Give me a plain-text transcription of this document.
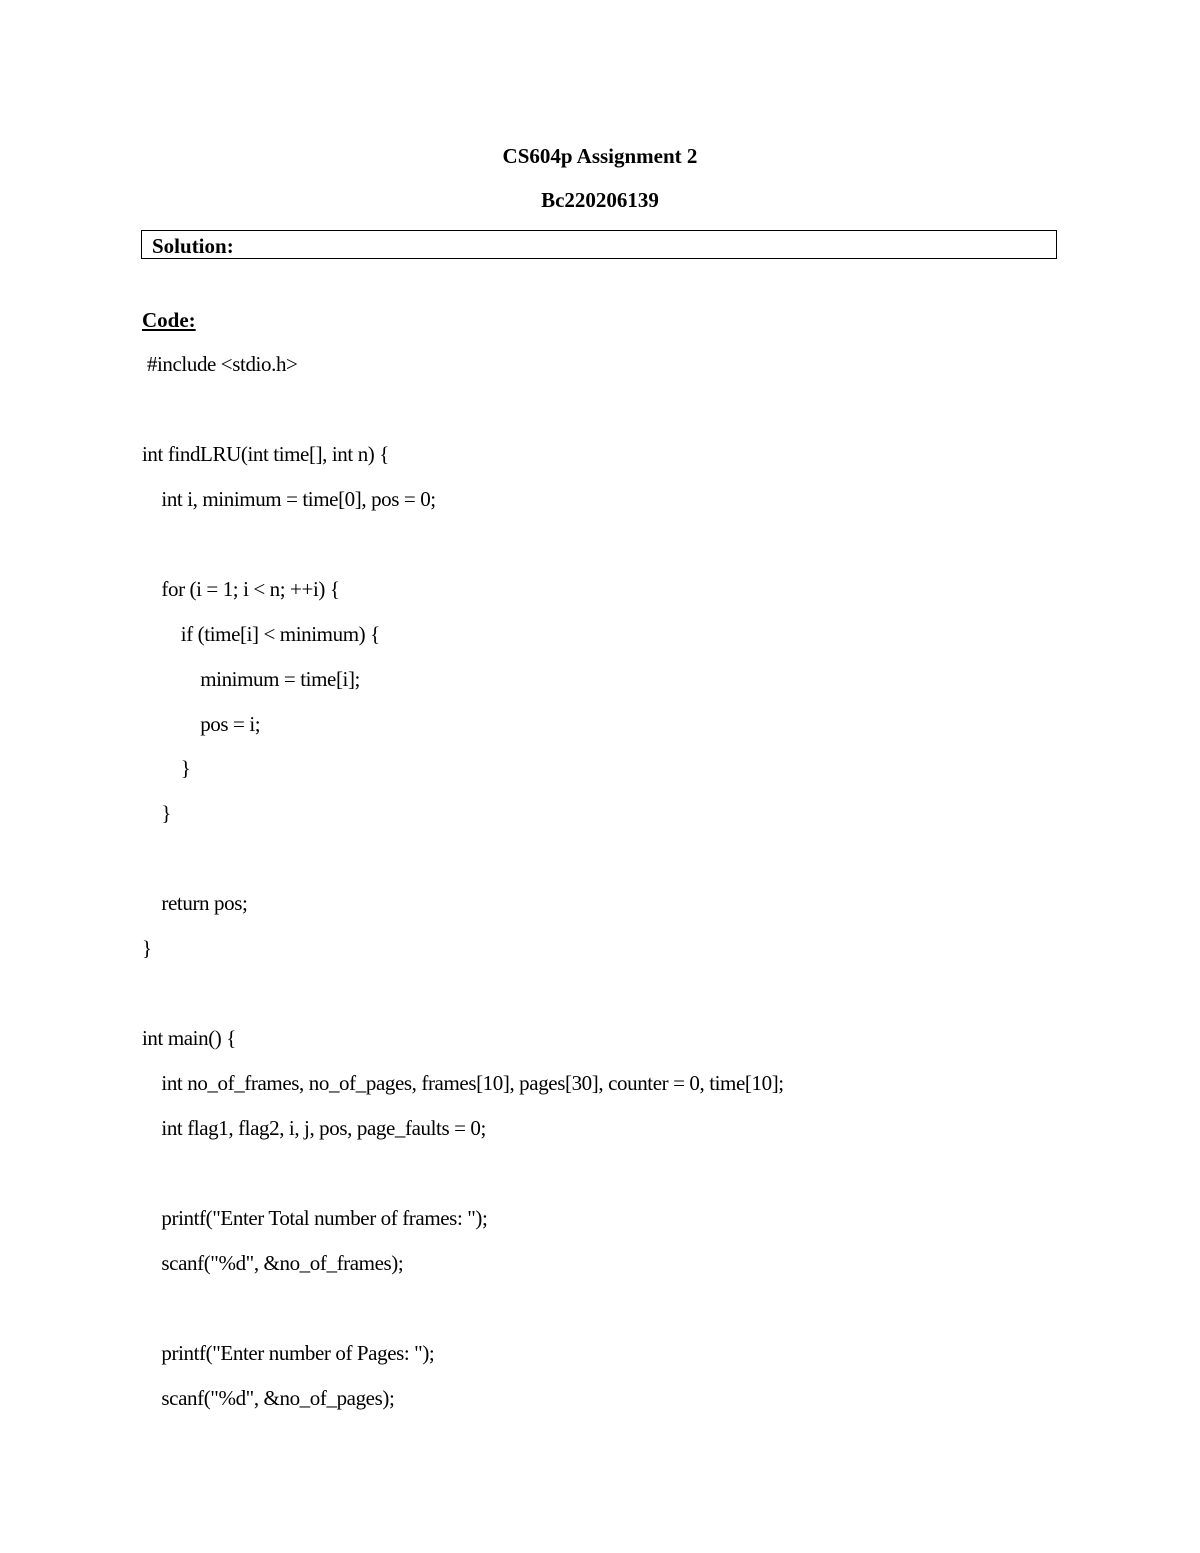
CS604p Assignment 2
Bc220206139
Solution:
Code:
#include <stdio.h>
int findLRU(int time[], int n) {
int i, minimum = time[0], pos = 0;
for (i = 1; i < n; ++i) {
if (time[i] < minimum) {
minimum = time[i];
pos = i;
}
}
return pos;
}
int main() {
int no_of_frames, no_of_pages, frames[10], pages[30], counter = 0, time[10];
int flag1, flag2, i, j, pos, page_faults = 0;
printf("Enter Total number of frames: ");
scanf("%d", &no_of_frames);
printf("Enter number of Pages: ");
scanf("%d", &no_of_pages);
